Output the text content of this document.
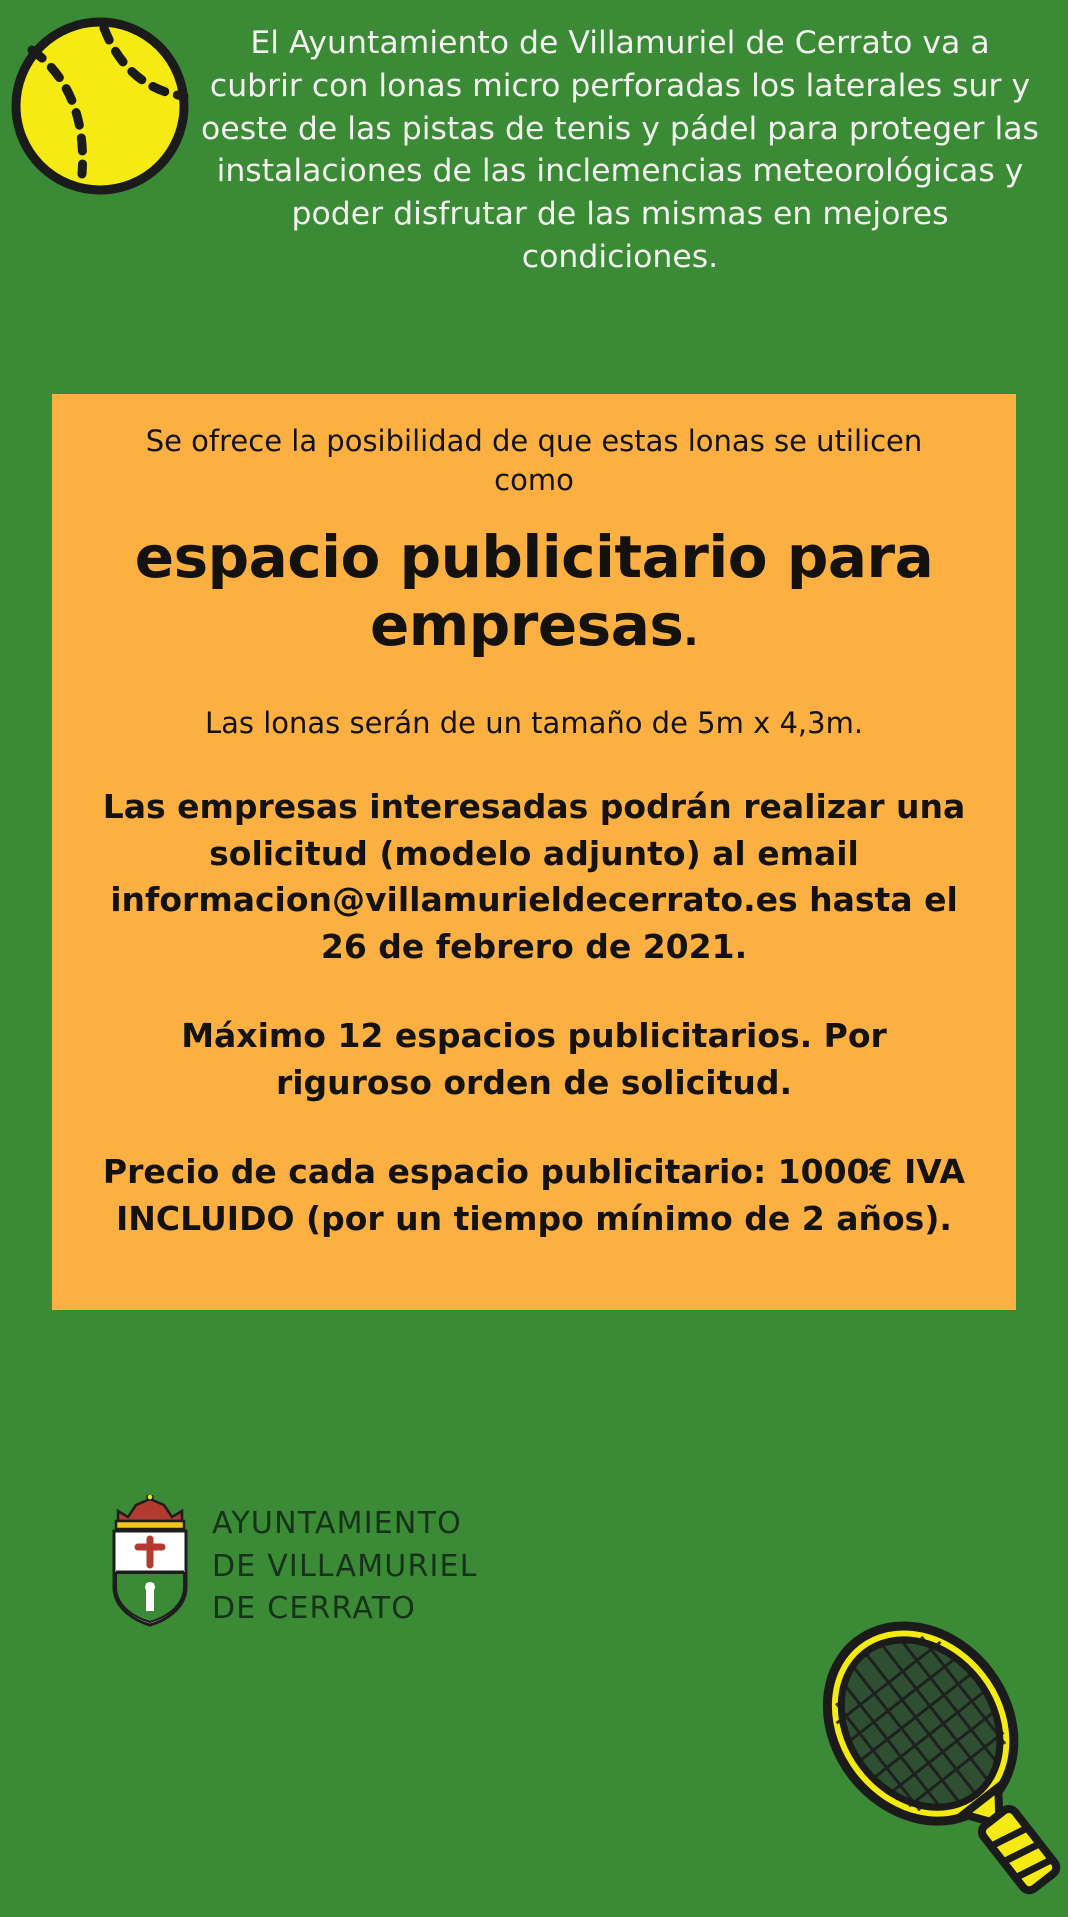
El Ayuntamiento de Villamuriel de Cerrato va a cubrir con lonas micro perforadas los laterales sur y oeste de las pistas de tenis y pádel para proteger las instalaciones de las inclemencias meteorológicas y poder disfrutar de las mismas en mejores condiciones.

Se ofrece la posibilidad de que estas lonas se utilicen como

espacio publicitario para empresas.

Las lonas serán de un tamaño de 5m x 4,3m.

Las empresas interesadas podrán realizar una solicitud (modelo adjunto) al email informacion@villamurieldecerrato.es hasta el 26 de febrero de 2021.

Máximo 12 espacios publicitarios. Por riguroso orden de solicitud.

Precio de cada espacio publicitario: 1000€ IVA INCLUIDO (por un tiempo mínimo de 2 años).

AYUNTAMIENTO
DE VILLAMURIEL
DE CERRATO
